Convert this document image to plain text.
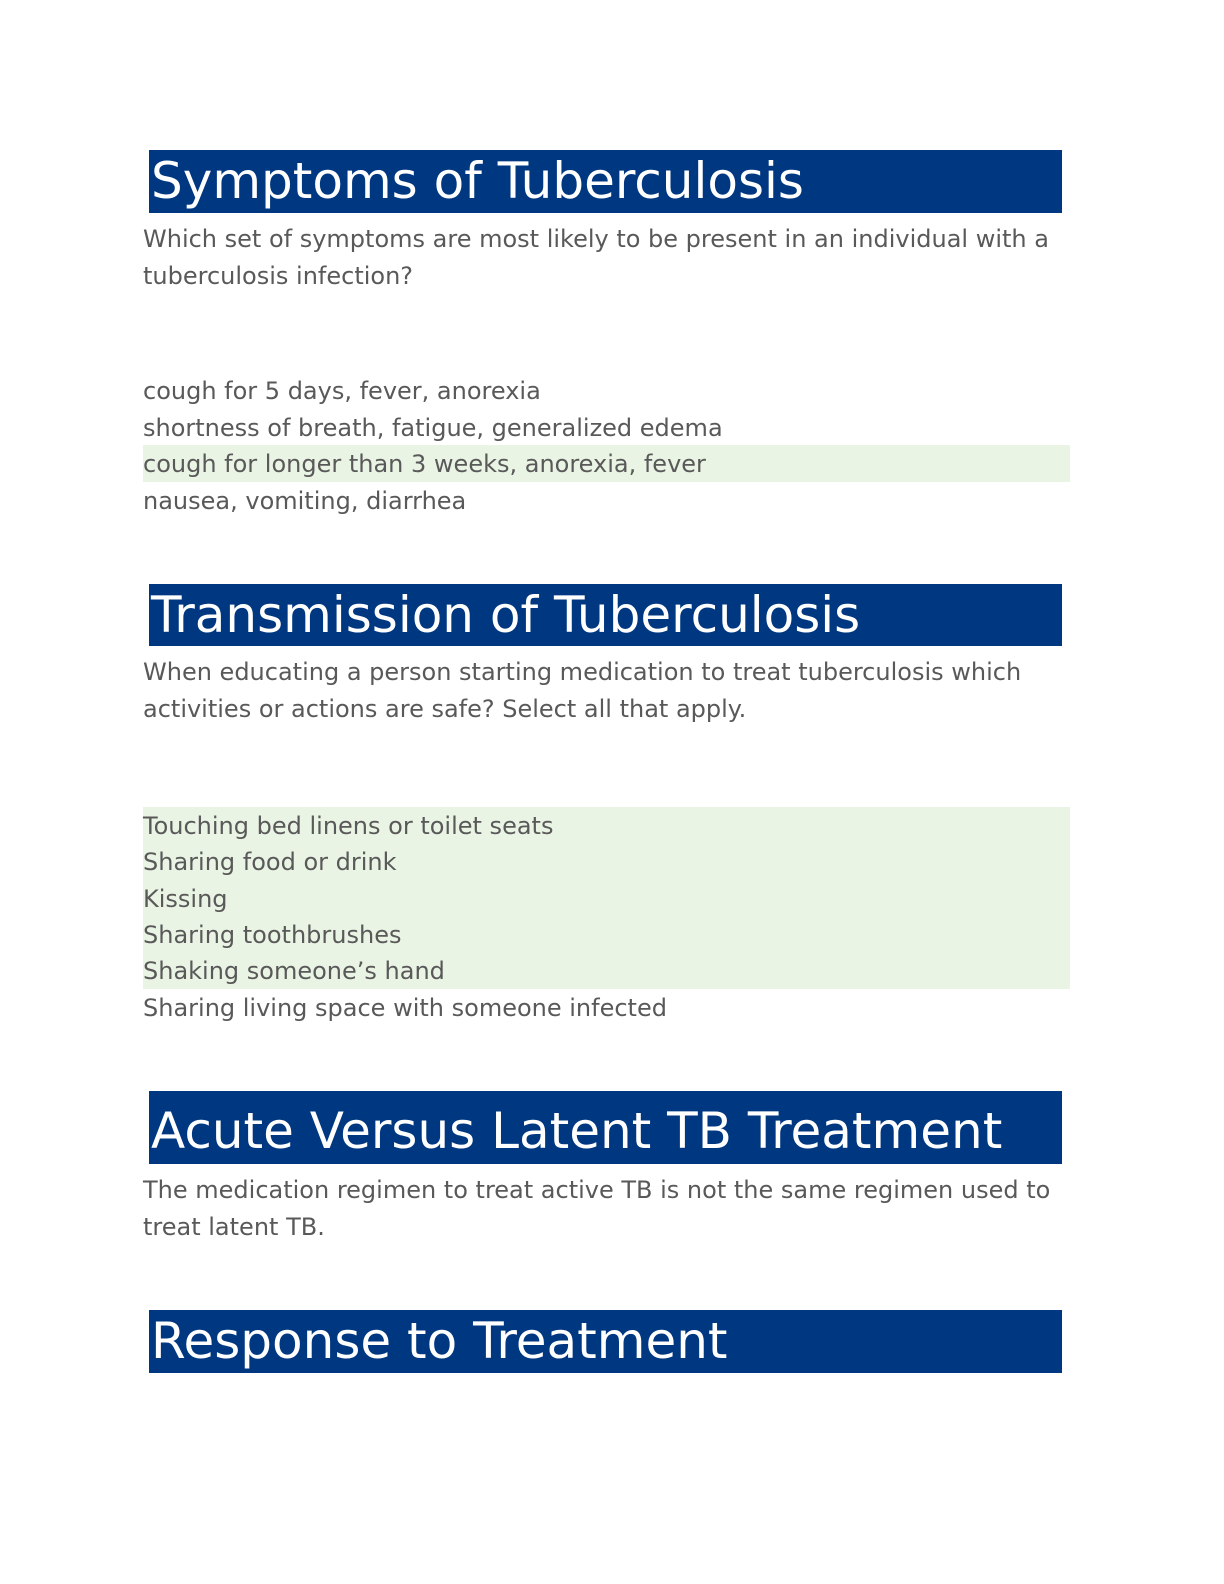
Symptoms of Tuberculosis
Which set of symptoms are most likely to be present in an individual with a tuberculosis infection?
cough for 5 days, fever, anorexia
shortness of breath, fatigue, generalized edema
cough for longer than 3 weeks, anorexia, fever
nausea, vomiting, diarrhea
Transmission of Tuberculosis
When educating a person starting medication to treat tuberculosis which activities or actions are safe? Select all that apply.
Touching bed linens or toilet seats
Sharing food or drink
Kissing
Sharing toothbrushes
Shaking someone’s hand
Sharing living space with someone infected
Acute Versus Latent TB Treatment
The medication regimen to treat active TB is not the same regimen used to treat latent TB.
Response to Treatment
